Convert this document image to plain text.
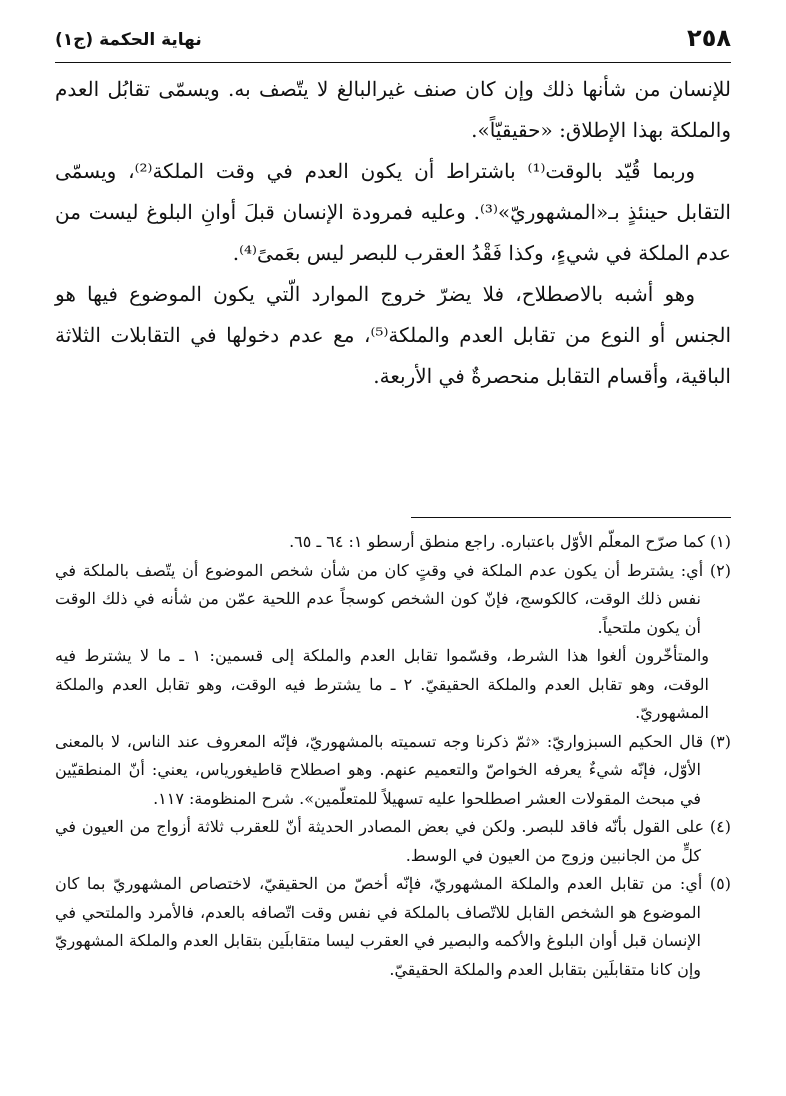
نهاية الحكمة (ج١)	٢٥٨

للإنسان من شأنها ذلك وإن كان صنف غيرالبالغ لا يتّصف به. ويسمّى تقابُل العدم والملكة بهذا الإطلاق: «حقيقيّاً».

وربما قُيّد بالوقت⁽¹⁾ باشتراط أن يكون العدم في وقت الملكة⁽²⁾، ويسمّى التقابل حينئذٍ بـ«المشهوريّ»⁽³⁾. وعليه فمرودة الإنسان قبلَ أوانِ البلوغ ليست من عدم الملكة في شيءٍ، وكذا فَقْدُ العقرب للبصر ليس بعَمىً⁽⁴⁾.

وهو أشبه بالاصطلاح، فلا يضرّ خروج الموارد الّتي يكون الموضوع فيها هو الجنس أو النوع من تقابل العدم والملكة⁽⁵⁾، مع عدم دخولها في التقابلات الثلاثة الباقية، وأقسام التقابل منحصرةٌ في الأربعة.

(١) كما صرّح المعلّم الأوّل باعتباره. راجع منطق أرسطو ١: ٦٤ ـ ٦٥.

(٢) أي: يشترط أن يكون عدم الملكة في وقتٍ كان من شأن شخص الموضوع أن يتّصف بالملكة في نفس ذلك الوقت، كالكوسج، فإنّ كون الشخص كوسجاً عدم اللحية عمّن من شأنه في ذلك الوقت أن يكون ملتحياً.

والمتأخّرون ألغوا هذا الشرط، وقسّموا تقابل العدم والملكة إلى قسمين: ١ ـ ما لا يشترط فيه الوقت، وهو تقابل العدم والملكة الحقيقيّ. ٢ ـ ما يشترط فيه الوقت، وهو تقابل العدم والملكة المشهوريّ.

(٣) قال الحكيم السبزواريّ: «ثمّ ذكرنا وجه تسميته بالمشهوريّ، فإنّه المعروف عند الناس، لا بالمعنى الأوّل، فإنّه شيءٌ يعرفه الخواصّ والتعميم عنهم. وهو اصطلاح قاطيغورياس، يعني: أنّ المنطقيّين في مبحث المقولات العشر اصطلحوا عليه تسهيلاً للمتعلّمين». شرح المنظومة: ١١٧.

(٤) على القول بأنّه فاقد للبصر. ولكن في بعض المصادر الحديثة أنّ للعقرب ثلاثة أزواج من العيون في كلٍّ من الجانبين وزوج من العيون في الوسط.

(٥) أي: من تقابل العدم والملكة المشهوريّ، فإنّه أخصّ من الحقيقيّ، لاختصاص المشهوريّ بما كان الموضوع هو الشخص القابل للاتّصاف بالملكة في نفس وقت اتّصافه بالعدم، فالأمرد والملتحي في الإنسان قبل أوان البلوغ والأكمه والبصير في العقرب ليسا متقابلَين بتقابل العدم والملكة المشهوريّ وإن كانا متقابلَين بتقابل العدم والملكة الحقيقيّ.
